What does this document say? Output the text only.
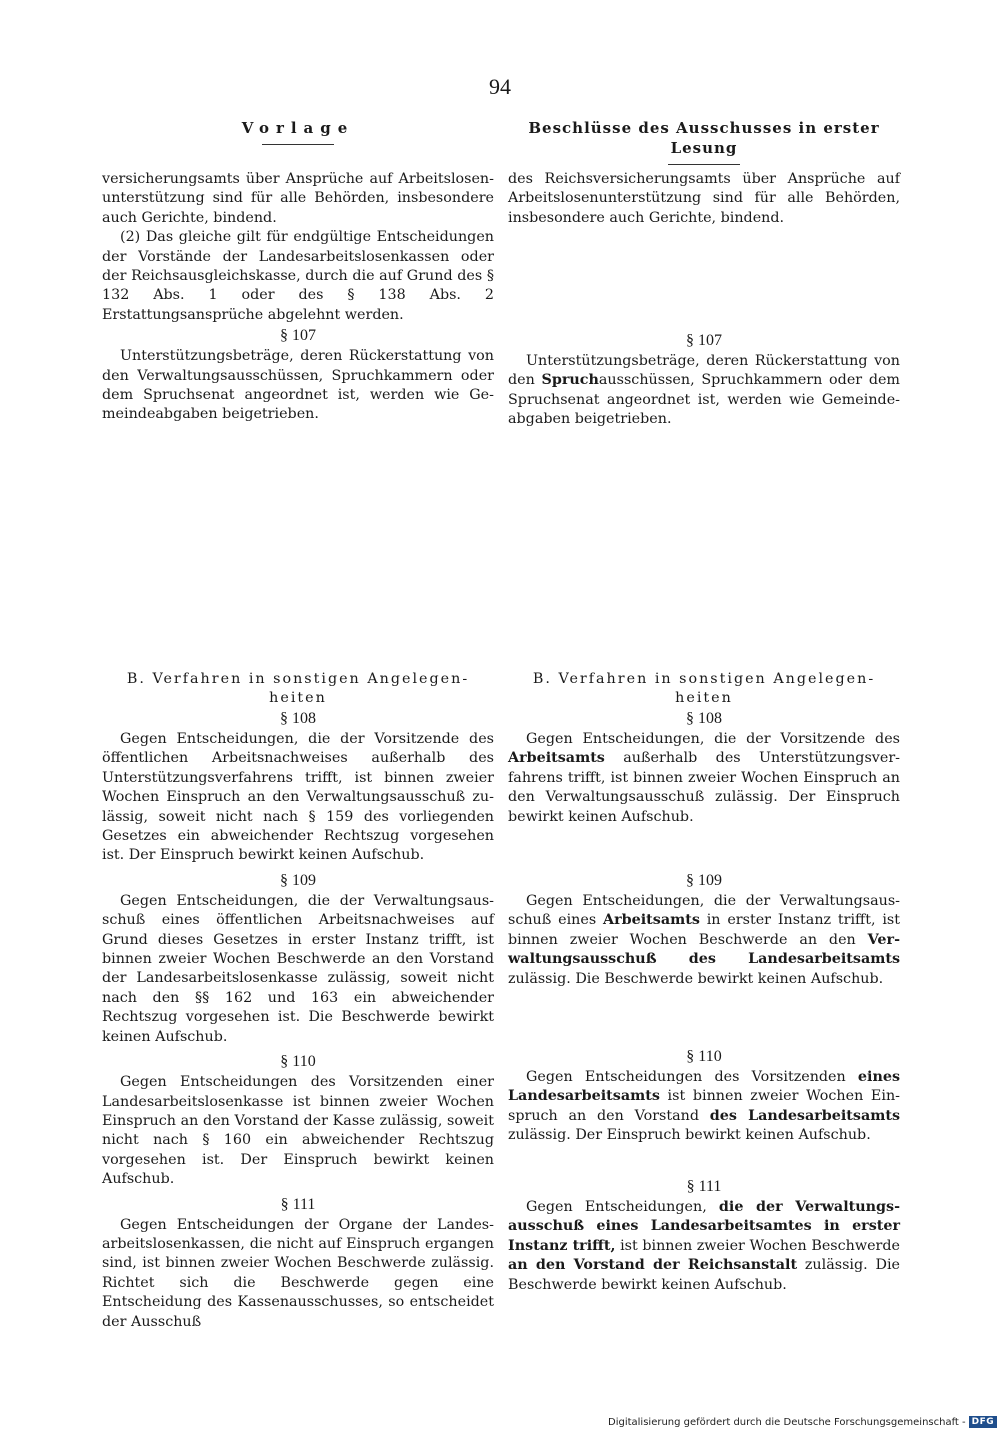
94
Vorlage

versicherungsamts über Ansprüche auf Arbeitslosenunterstützung sind für alle Behörden, insbesondere auch Gerichte, bindend.

(2) Das gleiche gilt für endgültige Entscheidungen der Vorstände der Landesarbeitslosenkassen oder der Reichsausgleichskasse, durch die auf Grund des § 132 Abs. 1 oder des § 138 Abs. 2 Erstattungsansprüche abgelehnt werden.

§ 107

Unterstützungsbeträge, deren Rückerstattung von den Verwaltungsausschüssen, Spruchkammern oder dem Spruchsenat angeordnet ist, werden wie Gemeindeabgaben beigetrieben.

B. Verfahren in sonstigen Angelegen-
heiten

§ 108

Gegen Entscheidungen, die der Vorsitzende des öffentlichen Arbeitsnachweises außerhalb des Unterstützungsverfahrens trifft, ist binnen zweier Wochen Einspruch an den Verwaltungsausschuß zulässig, soweit nicht nach § 159 des vorliegenden Gesetzes ein abweichender Rechtszug vorgesehen ist. Der Einspruch bewirkt keinen Aufschub.

§ 109

Gegen Entscheidungen, die der Verwaltungsausschuß eines öffentlichen Arbeitsnachweises auf Grund dieses Gesetzes in erster Instanz trifft, ist binnen zweier Wochen Beschwerde an den Vorstand der Landesarbeitslosenkasse zulässig, soweit nicht nach den §§ 162 und 163 ein abweichender Rechtszug vorgesehen ist. Die Beschwerde bewirkt keinen Aufschub.

§ 110

Gegen Entscheidungen des Vorsitzenden einer Landesarbeitslosenkasse ist binnen zweier Wochen Einspruch an den Vorstand der Kasse zulässig, soweit nicht nach § 160 ein abweichender Rechtszug vorgesehen ist. Der Einspruch bewirkt keinen Aufschub.

§ 111

Gegen Entscheidungen der Organe der Landesarbeitslosenkassen, die nicht auf Einspruch ergangen sind, ist binnen zweier Wochen Beschwerde zulässig. Richtet sich die Beschwerde gegen eine Entscheidung des Kassenausschusses, so entscheidet der Ausschuß

Beschlüsse des Ausschusses in erster Lesung

des Reichsversicherungsamts über Ansprüche auf Arbeitslosenunterstützung sind für alle Behörden, insbesondere auch Gerichte, bindend.

§ 107

Unterstützungsbeträge, deren Rückerstattung von den Spruchausschüssen, Spruchkammern oder dem Spruchsenat angeordnet ist, werden wie Gemeindeabgaben beigetrieben.

B. Verfahren in sonstigen Angelegen-
heiten

§ 108

Gegen Entscheidungen, die der Vorsitzende des Arbeitsamts außerhalb des Unterstützungsverfahrens trifft, ist binnen zweier Wochen Einspruch an den Verwaltungsausschuß zulässig. Der Einspruch bewirkt keinen Aufschub.

§ 109

Gegen Entscheidungen, die der Verwaltungsausschuß eines Arbeitsamts in erster Instanz trifft, ist binnen zweier Wochen Beschwerde an den Verwaltungsausschuß des Landesarbeitsamts zulässig. Die Beschwerde bewirkt keinen Aufschub.

§ 110

Gegen Entscheidungen des Vorsitzenden eines Landesarbeitsamts ist binnen zweier Wochen Einspruch an den Vorstand des Landesarbeitsamts zulässig. Der Einspruch bewirkt keinen Aufschub.

§ 111

Gegen Entscheidungen, die der Verwaltungsausschuß eines Landesarbeitsamtes in erster Instanz trifft, ist binnen zweier Wochen Beschwerde an den Vorstand der Reichsanstalt zulässig. Die Beschwerde bewirkt keinen Aufschub.

Digitalisierung gefördert durch die Deutsche Forschungsgemeinschaft - DFG
